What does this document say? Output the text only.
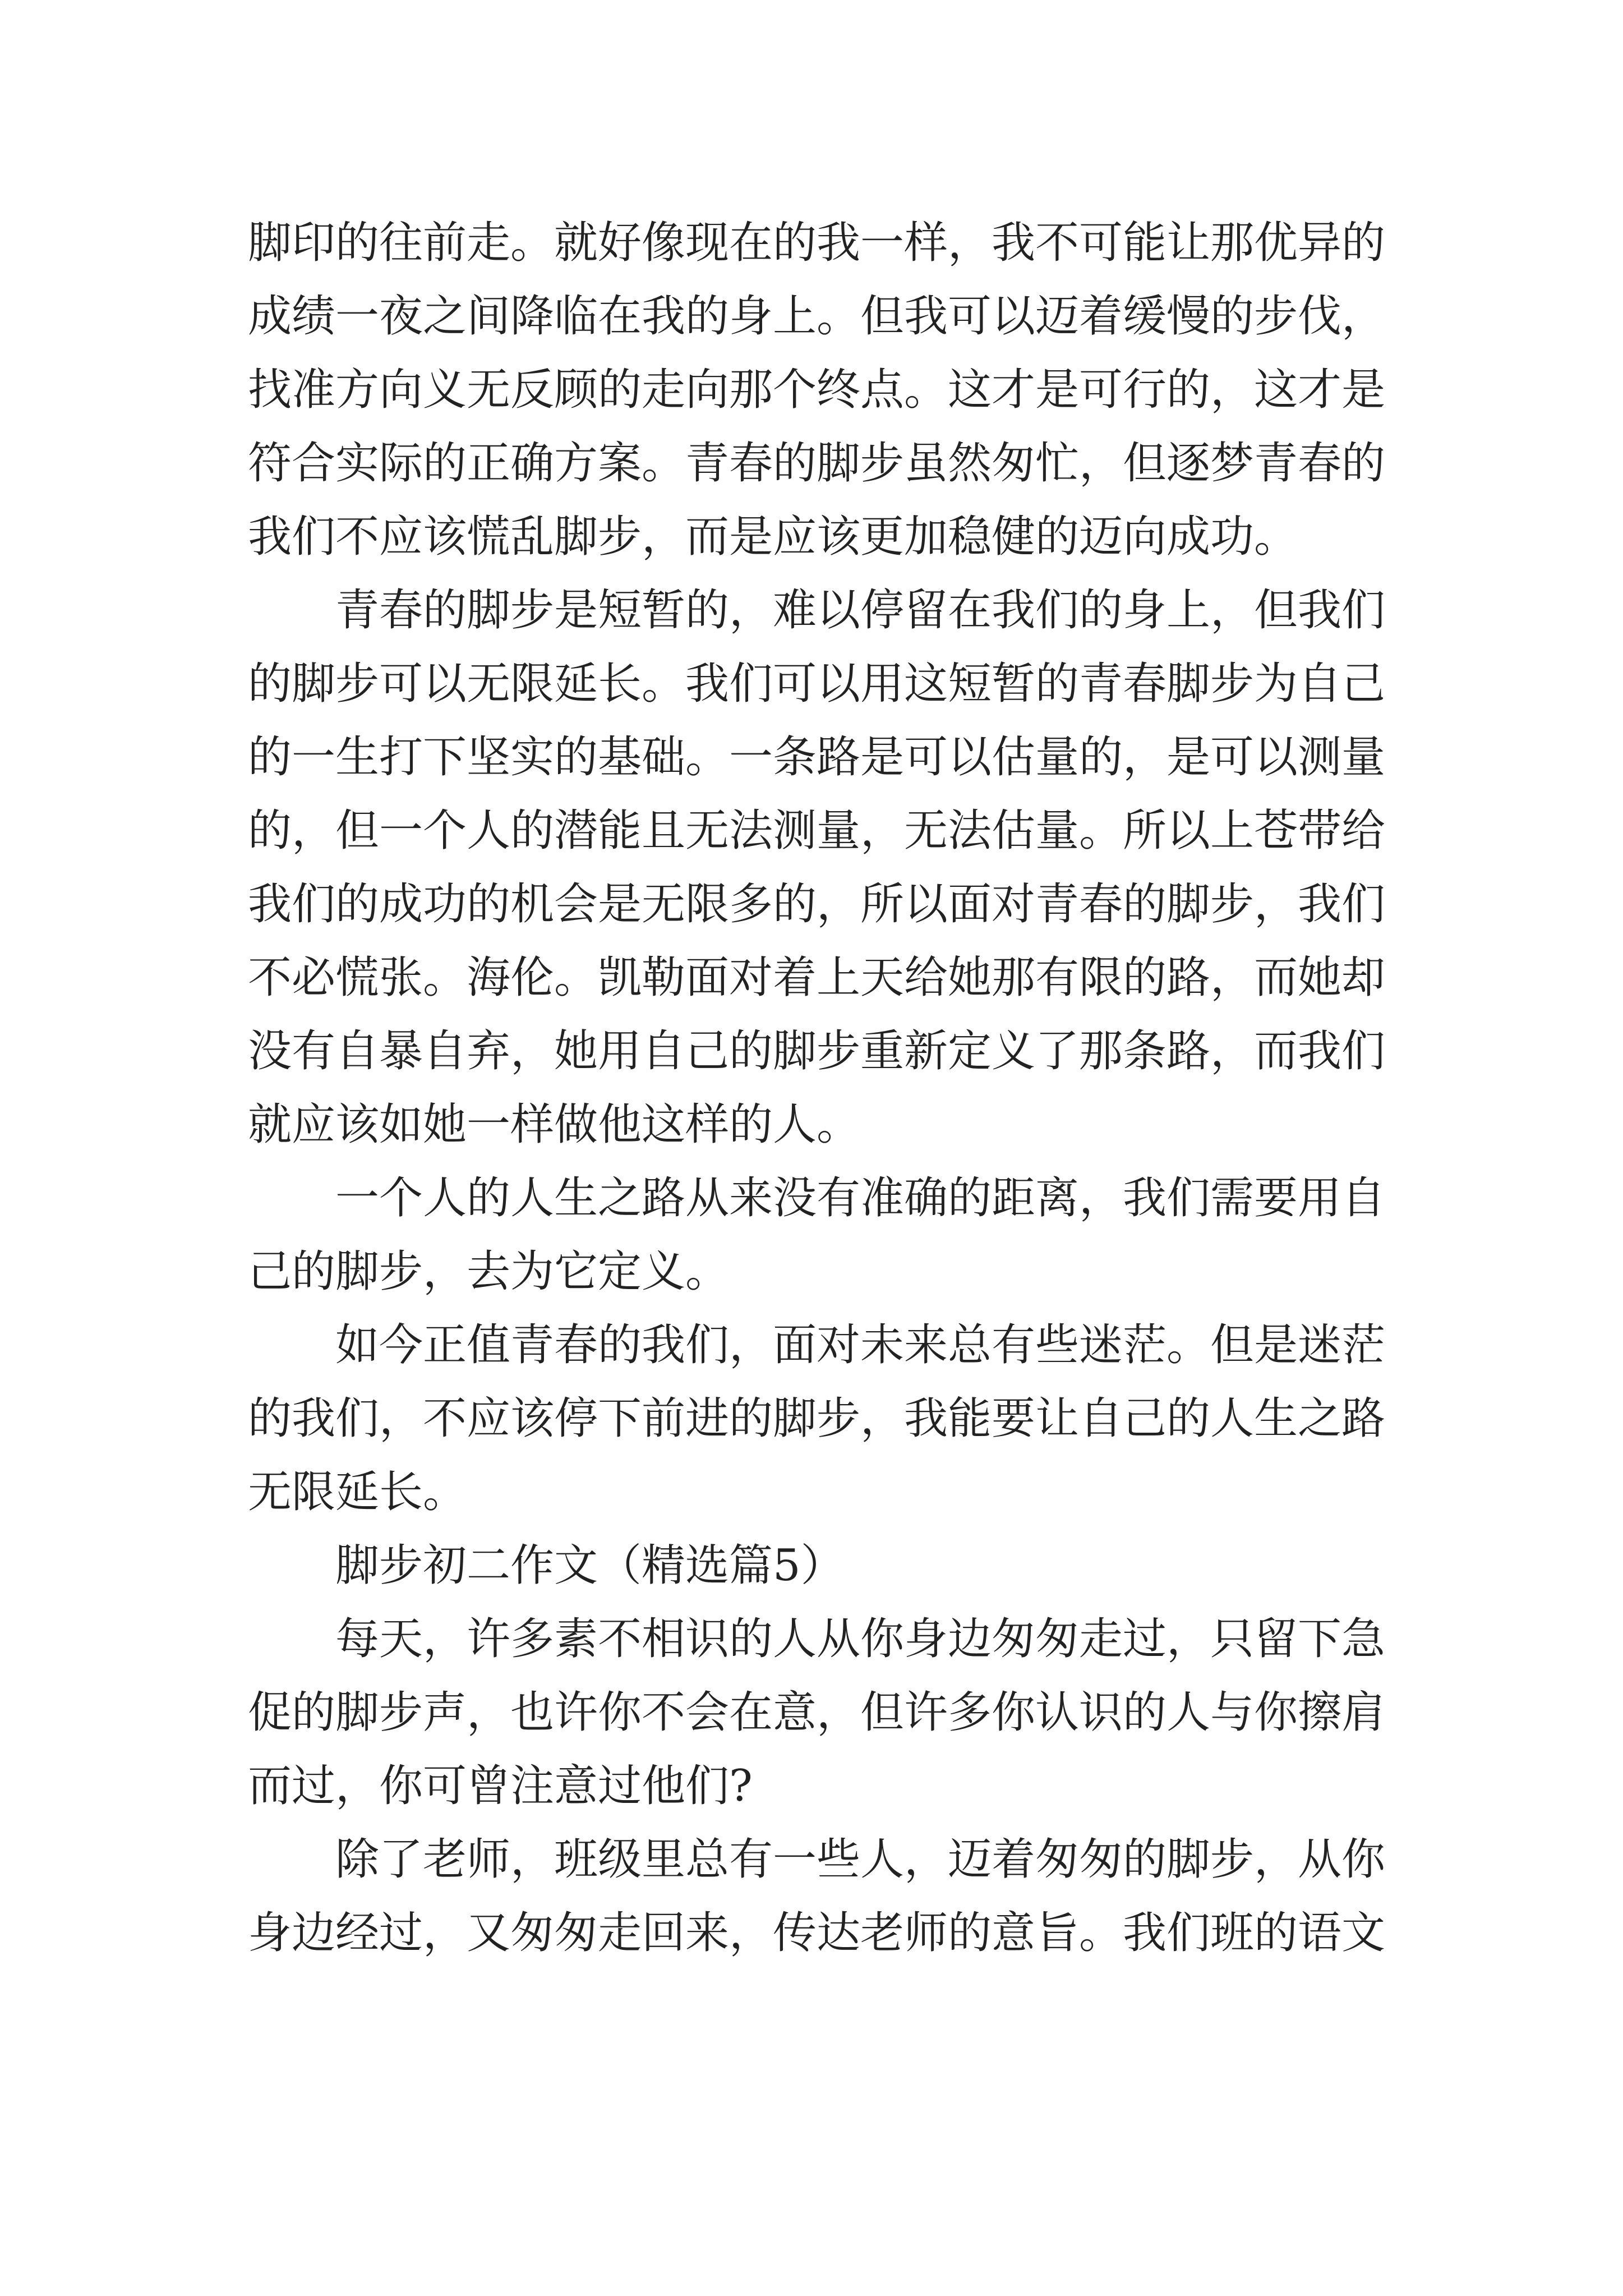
脚印的往前走。就好像现在的我一样，我不可能让那优异的
成绩一夜之间降临在我的身上。但我可以迈着缓慢的步伐，
找准方向义无反顾的走向那个终点。这才是可行的，这才是
符合实际的正确方案。青春的脚步虽然匆忙，但逐梦青春的
我们不应该慌乱脚步，而是应该更加稳健的迈向成功。
青春的脚步是短暂的，难以停留在我们的身上，但我们
的脚步可以无限延长。我们可以用这短暂的青春脚步为自己
的一生打下坚实的基础。一条路是可以估量的，是可以测量
的，但一个人的潜能且无法测量，无法估量。所以上苍带给
我们的成功的机会是无限多的，所以面对青春的脚步，我们
不必慌张。海伦。凯勒面对着上天给她那有限的路，而她却
没有自暴自弃，她用自己的脚步重新定义了那条路，而我们
就应该如她一样做他这样的人。
一个人的人生之路从来没有准确的距离，我们需要用自
己的脚步，去为它定义。
如今正值青春的我们，面对未来总有些迷茫。但是迷茫
的我们，不应该停下前进的脚步，我能要让自己的人生之路
无限延长。
脚步初二作文（精选篇5）
每天，许多素不相识的人从你身边匆匆走过，只留下急
促的脚步声，也许你不会在意，但许多你认识的人与你擦肩
而过，你可曾注意过他们?
除了老师，班级里总有一些人，迈着匆匆的脚步，从你
身边经过，又匆匆走回来，传达老师的意旨。我们班的语文
